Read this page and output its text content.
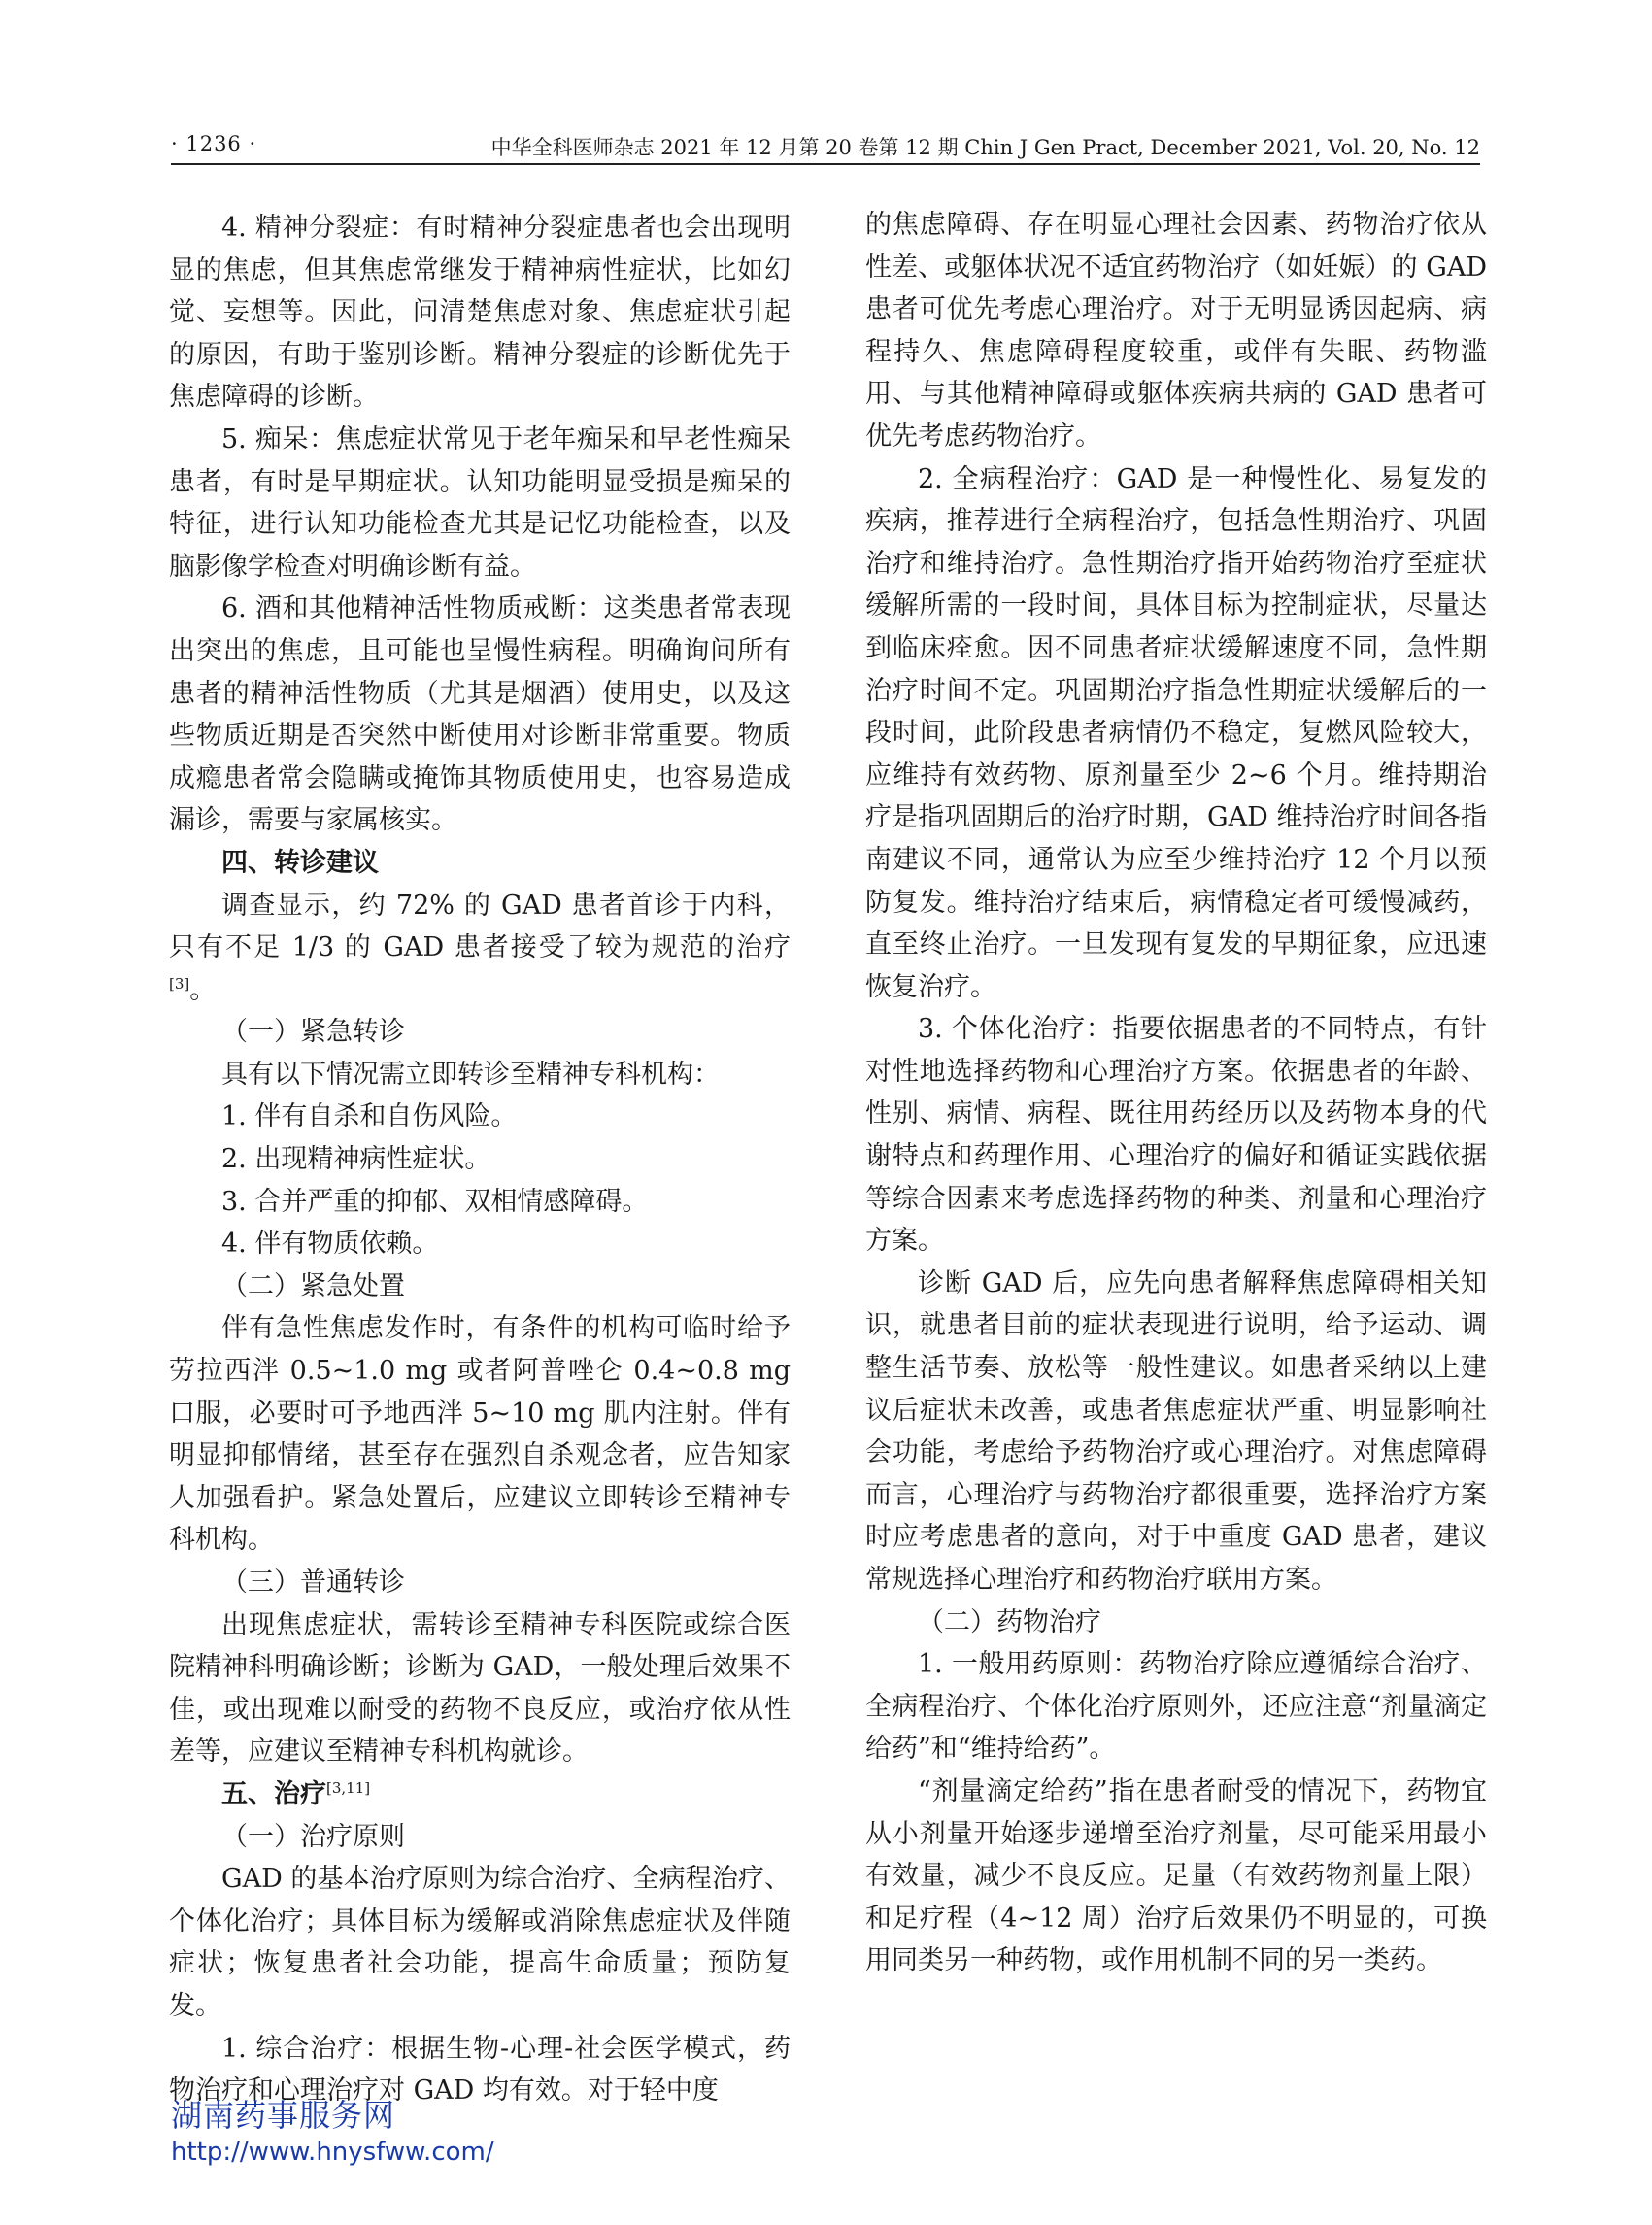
· 1236 ·	中华全科医师杂志 2021 年 12 月第 20 卷第 12 期 Chin J Gen Pract, December 2021, Vol. 20, No. 12

4. 精神分裂症：有时精神分裂症患者也会出现明显的焦虑，但其焦虑常继发于精神病性症状，比如幻觉、妄想等。因此，问清楚焦虑对象、焦虑症状引起的原因，有助于鉴别诊断。精神分裂症的诊断优先于焦虑障碍的诊断。

5. 痴呆：焦虑症状常见于老年痴呆和早老性痴呆患者，有时是早期症状。认知功能明显受损是痴呆的特征，进行认知功能检查尤其是记忆功能检查，以及脑影像学检查对明确诊断有益。

6. 酒和其他精神活性物质戒断：这类患者常表现出突出的焦虑，且可能也呈慢性病程。明确询问所有患者的精神活性物质（尤其是烟酒）使用史，以及这些物质近期是否突然中断使用对诊断非常重要。物质成瘾患者常会隐瞒或掩饰其物质使用史，也容易造成漏诊，需要与家属核实。

四、转诊建议

调查显示，约 72% 的 GAD 患者首诊于内科，只有不足 1/3 的 GAD 患者接受了较为规范的治疗[3]。

（一）紧急转诊

具有以下情况需立即转诊至精神专科机构：

1. 伴有自杀和自伤风险。

2. 出现精神病性症状。

3. 合并严重的抑郁、双相情感障碍。

4. 伴有物质依赖。

（二）紧急处置

伴有急性焦虑发作时，有条件的机构可临时给予劳拉西泮 0.5~1.0 mg 或者阿普唑仑 0.4~0.8 mg 口服，必要时可予地西泮 5~10 mg 肌内注射。伴有明显抑郁情绪，甚至存在强烈自杀观念者，应告知家人加强看护。紧急处置后，应建议立即转诊至精神专科机构。

（三）普通转诊

出现焦虑症状，需转诊至精神专科医院或综合医院精神科明确诊断；诊断为 GAD，一般处理后效果不佳，或出现难以耐受的药物不良反应，或治疗依从性差等，应建议至精神专科机构就诊。

五、治疗[3,11]

（一）治疗原则

GAD 的基本治疗原则为综合治疗、全病程治疗、个体化治疗；具体目标为缓解或消除焦虑症状及伴随症状；恢复患者社会功能，提高生命质量；预防复发。

1. 综合治疗：根据生物-心理-社会医学模式，药物治疗和心理治疗对 GAD 均有效。对于轻中度

的焦虑障碍、存在明显心理社会因素、药物治疗依从性差、或躯体状况不适宜药物治疗（如妊娠）的 GAD 患者可优先考虑心理治疗。对于无明显诱因起病、病程持久、焦虑障碍程度较重，或伴有失眠、药物滥用、与其他精神障碍或躯体疾病共病的 GAD 患者可优先考虑药物治疗。

2. 全病程治疗：GAD 是一种慢性化、易复发的疾病，推荐进行全病程治疗，包括急性期治疗、巩固治疗和维持治疗。急性期治疗指开始药物治疗至症状缓解所需的一段时间，具体目标为控制症状，尽量达到临床痊愈。因不同患者症状缓解速度不同，急性期治疗时间不定。巩固期治疗指急性期症状缓解后的一段时间，此阶段患者病情仍不稳定，复燃风险较大，应维持有效药物、原剂量至少 2~6 个月。维持期治疗是指巩固期后的治疗时期，GAD 维持治疗时间各指南建议不同，通常认为应至少维持治疗 12 个月以预防复发。维持治疗结束后，病情稳定者可缓慢减药，直至终止治疗。一旦发现有复发的早期征象，应迅速恢复治疗。

3. 个体化治疗：指要依据患者的不同特点，有针对性地选择药物和心理治疗方案。依据患者的年龄、性别、病情、病程、既往用药经历以及药物本身的代谢特点和药理作用、心理治疗的偏好和循证实践依据等综合因素来考虑选择药物的种类、剂量和心理治疗方案。

诊断 GAD 后，应先向患者解释焦虑障碍相关知识，就患者目前的症状表现进行说明，给予运动、调整生活节奏、放松等一般性建议。如患者采纳以上建议后症状未改善，或患者焦虑症状严重、明显影响社会功能，考虑给予药物治疗或心理治疗。对焦虑障碍而言，心理治疗与药物治疗都很重要，选择治疗方案时应考虑患者的意向，对于中重度 GAD 患者，建议常规选择心理治疗和药物治疗联用方案。

（二）药物治疗

1. 一般用药原则：药物治疗除应遵循综合治疗、全病程治疗、个体化治疗原则外，还应注意“剂量滴定给药”和“维持给药”。

“剂量滴定给药”指在患者耐受的情况下，药物宜从小剂量开始逐步递增至治疗剂量，尽可能采用最小有效量，减少不良反应。足量（有效药物剂量上限）和足疗程（4~12 周）治疗后效果仍不明显的，可换用同类另一种药物，或作用机制不同的另一类药。

湖南药事服务网
http://www.hnysfww.com/
